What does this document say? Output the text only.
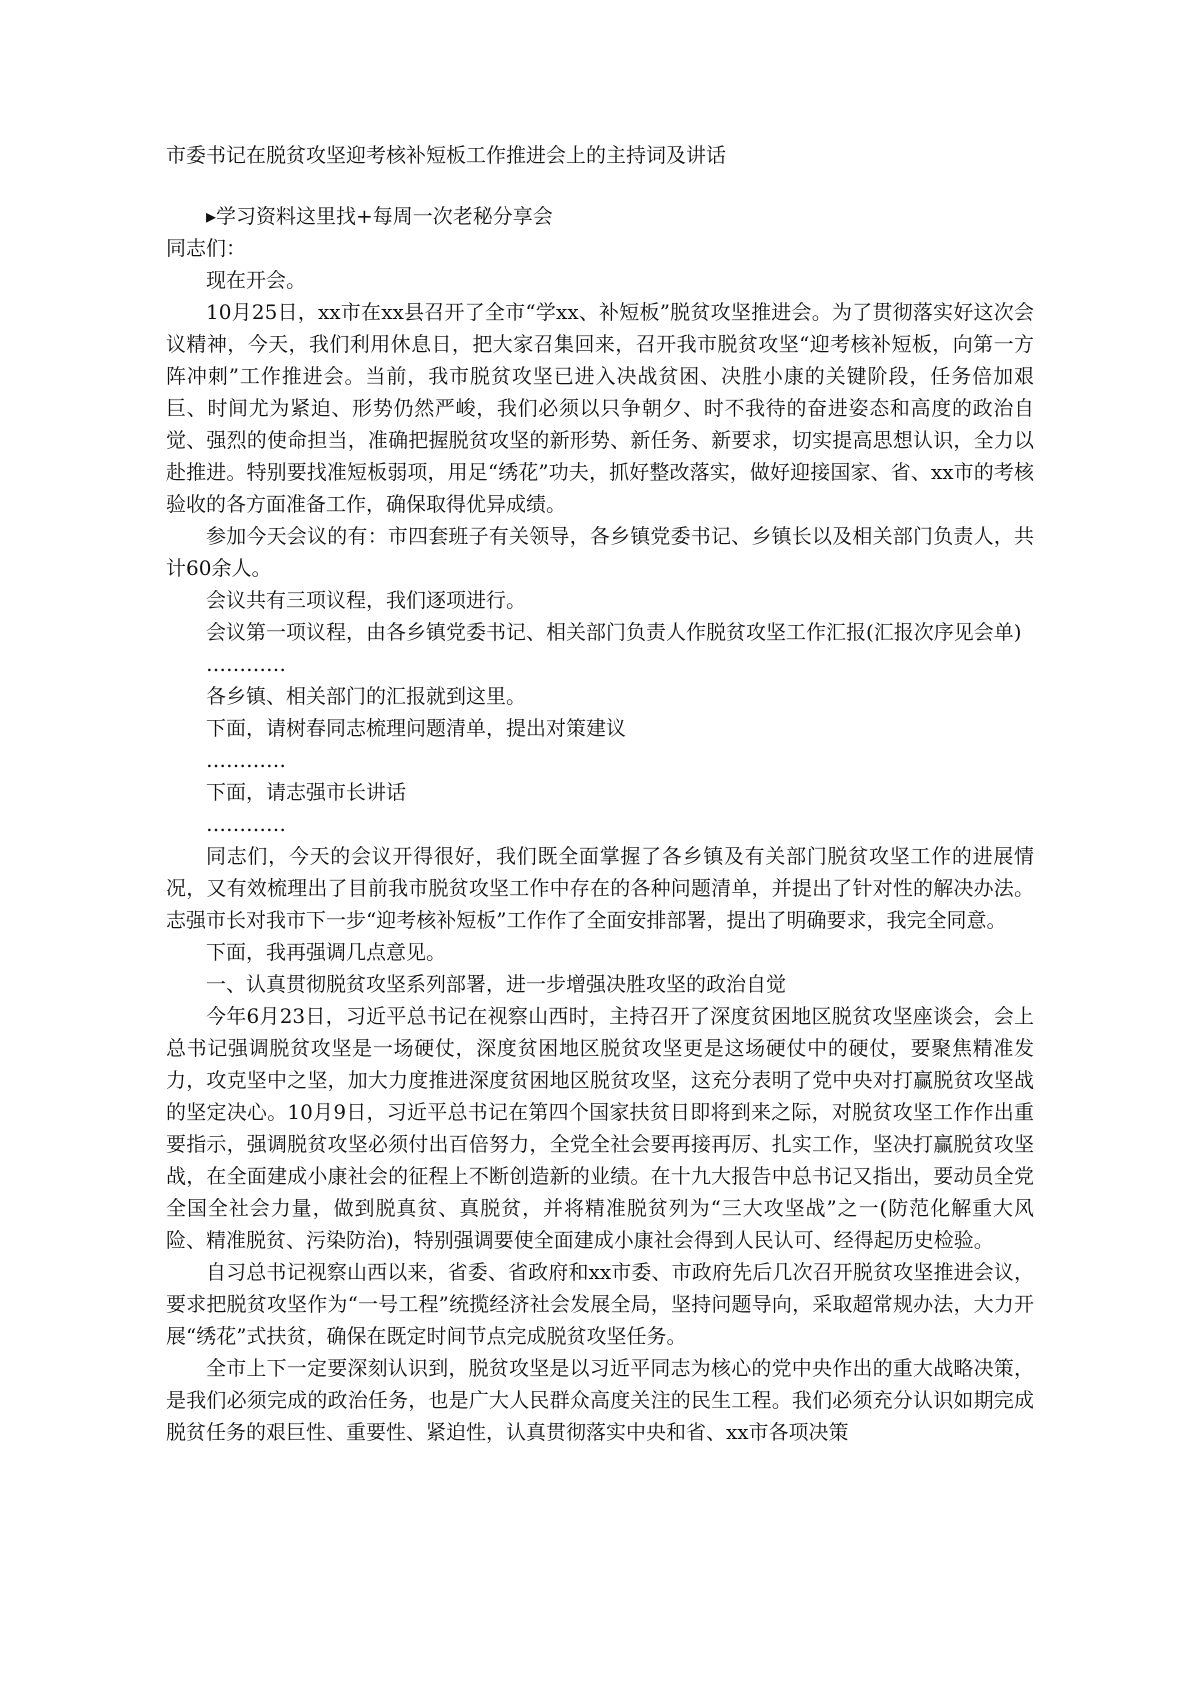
市委书记在脱贫攻坚迎考核补短板工作推进会上的主持词及讲话

▸学习资料这里找+每周一次老秘分享会

同志们：

现在开会。

10月25日，xx市在xx县召开了全市“学xx、补短板”脱贫攻坚推进会。为了贯彻落实好这次会议精神，今天，我们利用休息日，把大家召集回来，召开我市脱贫攻坚“迎考核补短板，向第一方阵冲刺”工作推进会。当前，我市脱贫攻坚已进入决战贫困、决胜小康的关键阶段，任务倍加艰巨、时间尤为紧迫、形势仍然严峻，我们必须以只争朝夕、时不我待的奋进姿态和高度的政治自觉、强烈的使命担当，准确把握脱贫攻坚的新形势、新任务、新要求，切实提高思想认识，全力以赴推进。特别要找准短板弱项，用足“绣花”功夫，抓好整改落实，做好迎接国家、省、xx市的考核验收的各方面准备工作，确保取得优异成绩。

参加今天会议的有：市四套班子有关领导，各乡镇党委书记、乡镇长以及相关部门负责人，共计60余人。

会议共有三项议程，我们逐项进行。

会议第一项议程，由各乡镇党委书记、相关部门负责人作脱贫攻坚工作汇报(汇报次序见会单)

…………

各乡镇、相关部门的汇报就到这里。

下面，请树春同志梳理问题清单，提出对策建议

…………

下面，请志强市长讲话

…………

同志们，今天的会议开得很好，我们既全面掌握了各乡镇及有关部门脱贫攻坚工作的进展情况，又有效梳理出了目前我市脱贫攻坚工作中存在的各种问题清单，并提出了针对性的解决办法。志强市长对我市下一步“迎考核补短板”工作作了全面安排部署，提出了明确要求，我完全同意。

下面，我再强调几点意见。

一、认真贯彻脱贫攻坚系列部署，进一步增强决胜攻坚的政治自觉

今年6月23日，习近平总书记在视察山西时，主持召开了深度贫困地区脱贫攻坚座谈会，会上总书记强调脱贫攻坚是一场硬仗，深度贫困地区脱贫攻坚更是这场硬仗中的硬仗，要聚焦精准发力，攻克坚中之坚，加大力度推进深度贫困地区脱贫攻坚，这充分表明了党中央对打赢脱贫攻坚战的坚定决心。10月9日，习近平总书记在第四个国家扶贫日即将到来之际，对脱贫攻坚工作作出重要指示，强调脱贫攻坚必须付出百倍努力，全党全社会要再接再厉、扎实工作，坚决打赢脱贫攻坚战，在全面建成小康社会的征程上不断创造新的业绩。在十九大报告中总书记又指出，要动员全党全国全社会力量，做到脱真贫、真脱贫，并将精准脱贫列为“三大攻坚战”之一(防范化解重大风险、精准脱贫、污染防治)，特别强调要使全面建成小康社会得到人民认可、经得起历史检验。

自习总书记视察山西以来，省委、省政府和xx市委、市政府先后几次召开脱贫攻坚推进会议，要求把脱贫攻坚作为“一号工程”统揽经济社会发展全局，坚持问题导向，采取超常规办法，大力开展“绣花”式扶贫，确保在既定时间节点完成脱贫攻坚任务。

全市上下一定要深刻认识到，脱贫攻坚是以习近平同志为核心的党中央作出的重大战略决策，是我们必须完成的政治任务，也是广大人民群众高度关注的民生工程。我们必须充分认识如期完成脱贫任务的艰巨性、重要性、紧迫性，认真贯彻落实中央和省、xx市各项决策
